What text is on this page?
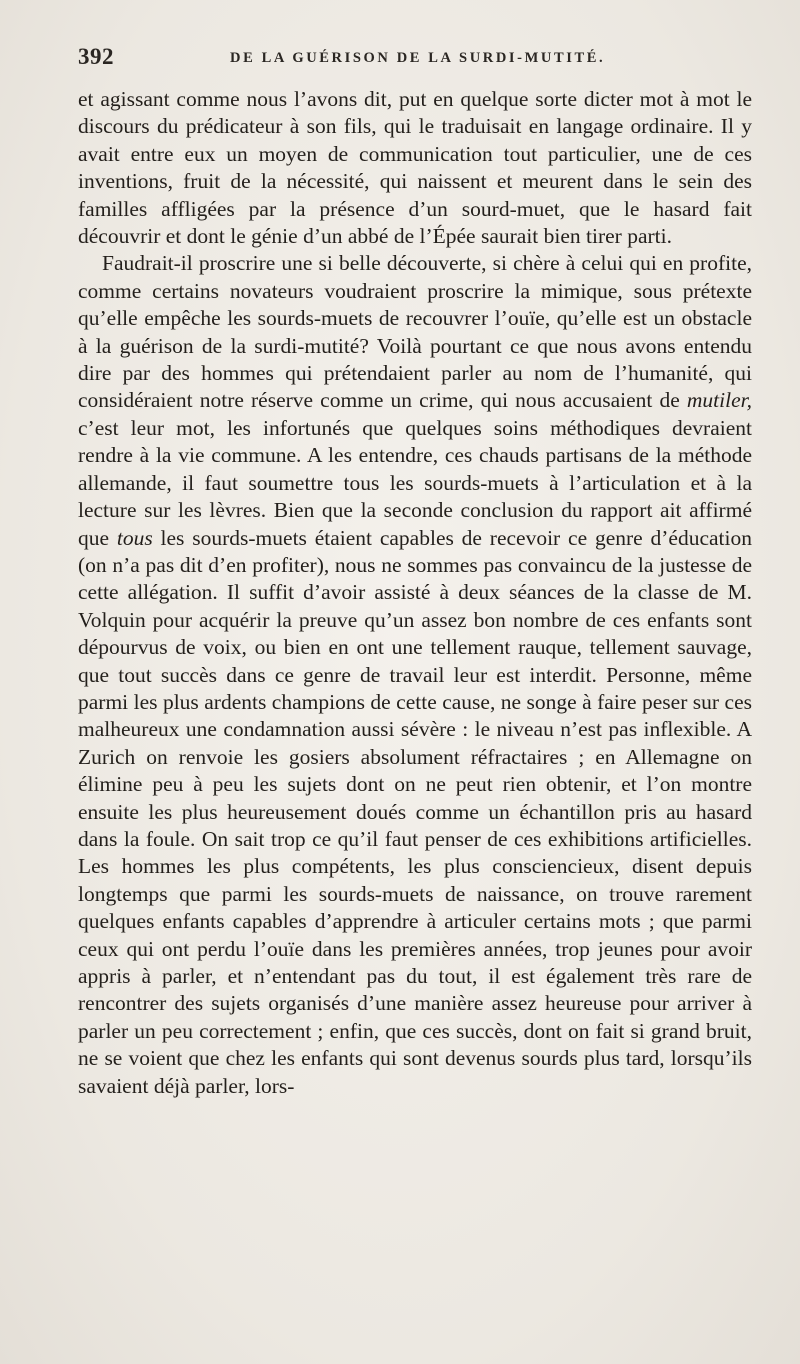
392	DE LA GUÉRISON DE LA SURDI-MUTITÉ.

et agissant comme nous l’avons dit, put en quelque sorte dicter mot à mot le discours du prédicateur à son fils, qui le traduisait en langage ordinaire. Il y avait entre eux un moyen de communication tout particulier, une de ces inventions, fruit de la nécessité, qui naissent et meurent dans le sein des familles affligées par la présence d’un sourd-muet, que le hasard fait découvrir et dont le génie d’un abbé de l’Épée saurait bien tirer parti.

Faudrait-il proscrire une si belle découverte, si chère à celui qui en profite, comme certains novateurs voudraient proscrire la mimique, sous prétexte qu’elle empêche les sourds-muets de recouvrer l’ouïe, qu’elle est un obstacle à la guérison de la surdi-mutité? Voilà pourtant ce que nous avons entendu dire par des hommes qui prétendaient parler au nom de l’humanité, qui considéraient notre réserve comme un crime, qui nous accusaient de mutiler, c’est leur mot, les infortunés que quelques soins méthodiques devraient rendre à la vie commune. A les entendre, ces chauds partisans de la méthode allemande, il faut soumettre tous les sourds-muets à l’articulation et à la lecture sur les lèvres. Bien que la seconde conclusion du rapport ait affirmé que tous les sourds-muets étaient capables de recevoir ce genre d’éducation (on n’a pas dit d’en profiter), nous ne sommes pas convaincu de la justesse de cette allégation. Il suffit d’avoir assisté à deux séances de la classe de M. Volquin pour acquérir la preuve qu’un assez bon nombre de ces enfants sont dépourvus de voix, ou bien en ont une tellement rauque, tellement sauvage, que tout succès dans ce genre de travail leur est interdit. Personne, même parmi les plus ardents champions de cette cause, ne songe à faire peser sur ces malheureux une condamnation aussi sévère : le niveau n’est pas inflexible. A Zurich on renvoie les gosiers absolument réfractaires ; en Allemagne on élimine peu à peu les sujets dont on ne peut rien obtenir, et l’on montre ensuite les plus heureusement doués comme un échantillon pris au hasard dans la foule. On sait trop ce qu’il faut penser de ces exhibitions artificielles. Les hommes les plus compétents, les plus consciencieux, disent depuis longtemps que parmi les sourds-muets de naissance, on trouve rarement quelques enfants capables d’apprendre à articuler certains mots ; que parmi ceux qui ont perdu l’ouïe dans les premières années, trop jeunes pour avoir appris à parler, et n’entendant pas du tout, il est également très rare de rencontrer des sujets organisés d’une manière assez heureuse pour arriver à parler un peu correctement ; enfin, que ces succès, dont on fait si grand bruit, ne se voient que chez les enfants qui sont devenus sourds plus tard, lorsqu’ils savaient déjà parler, lors-
